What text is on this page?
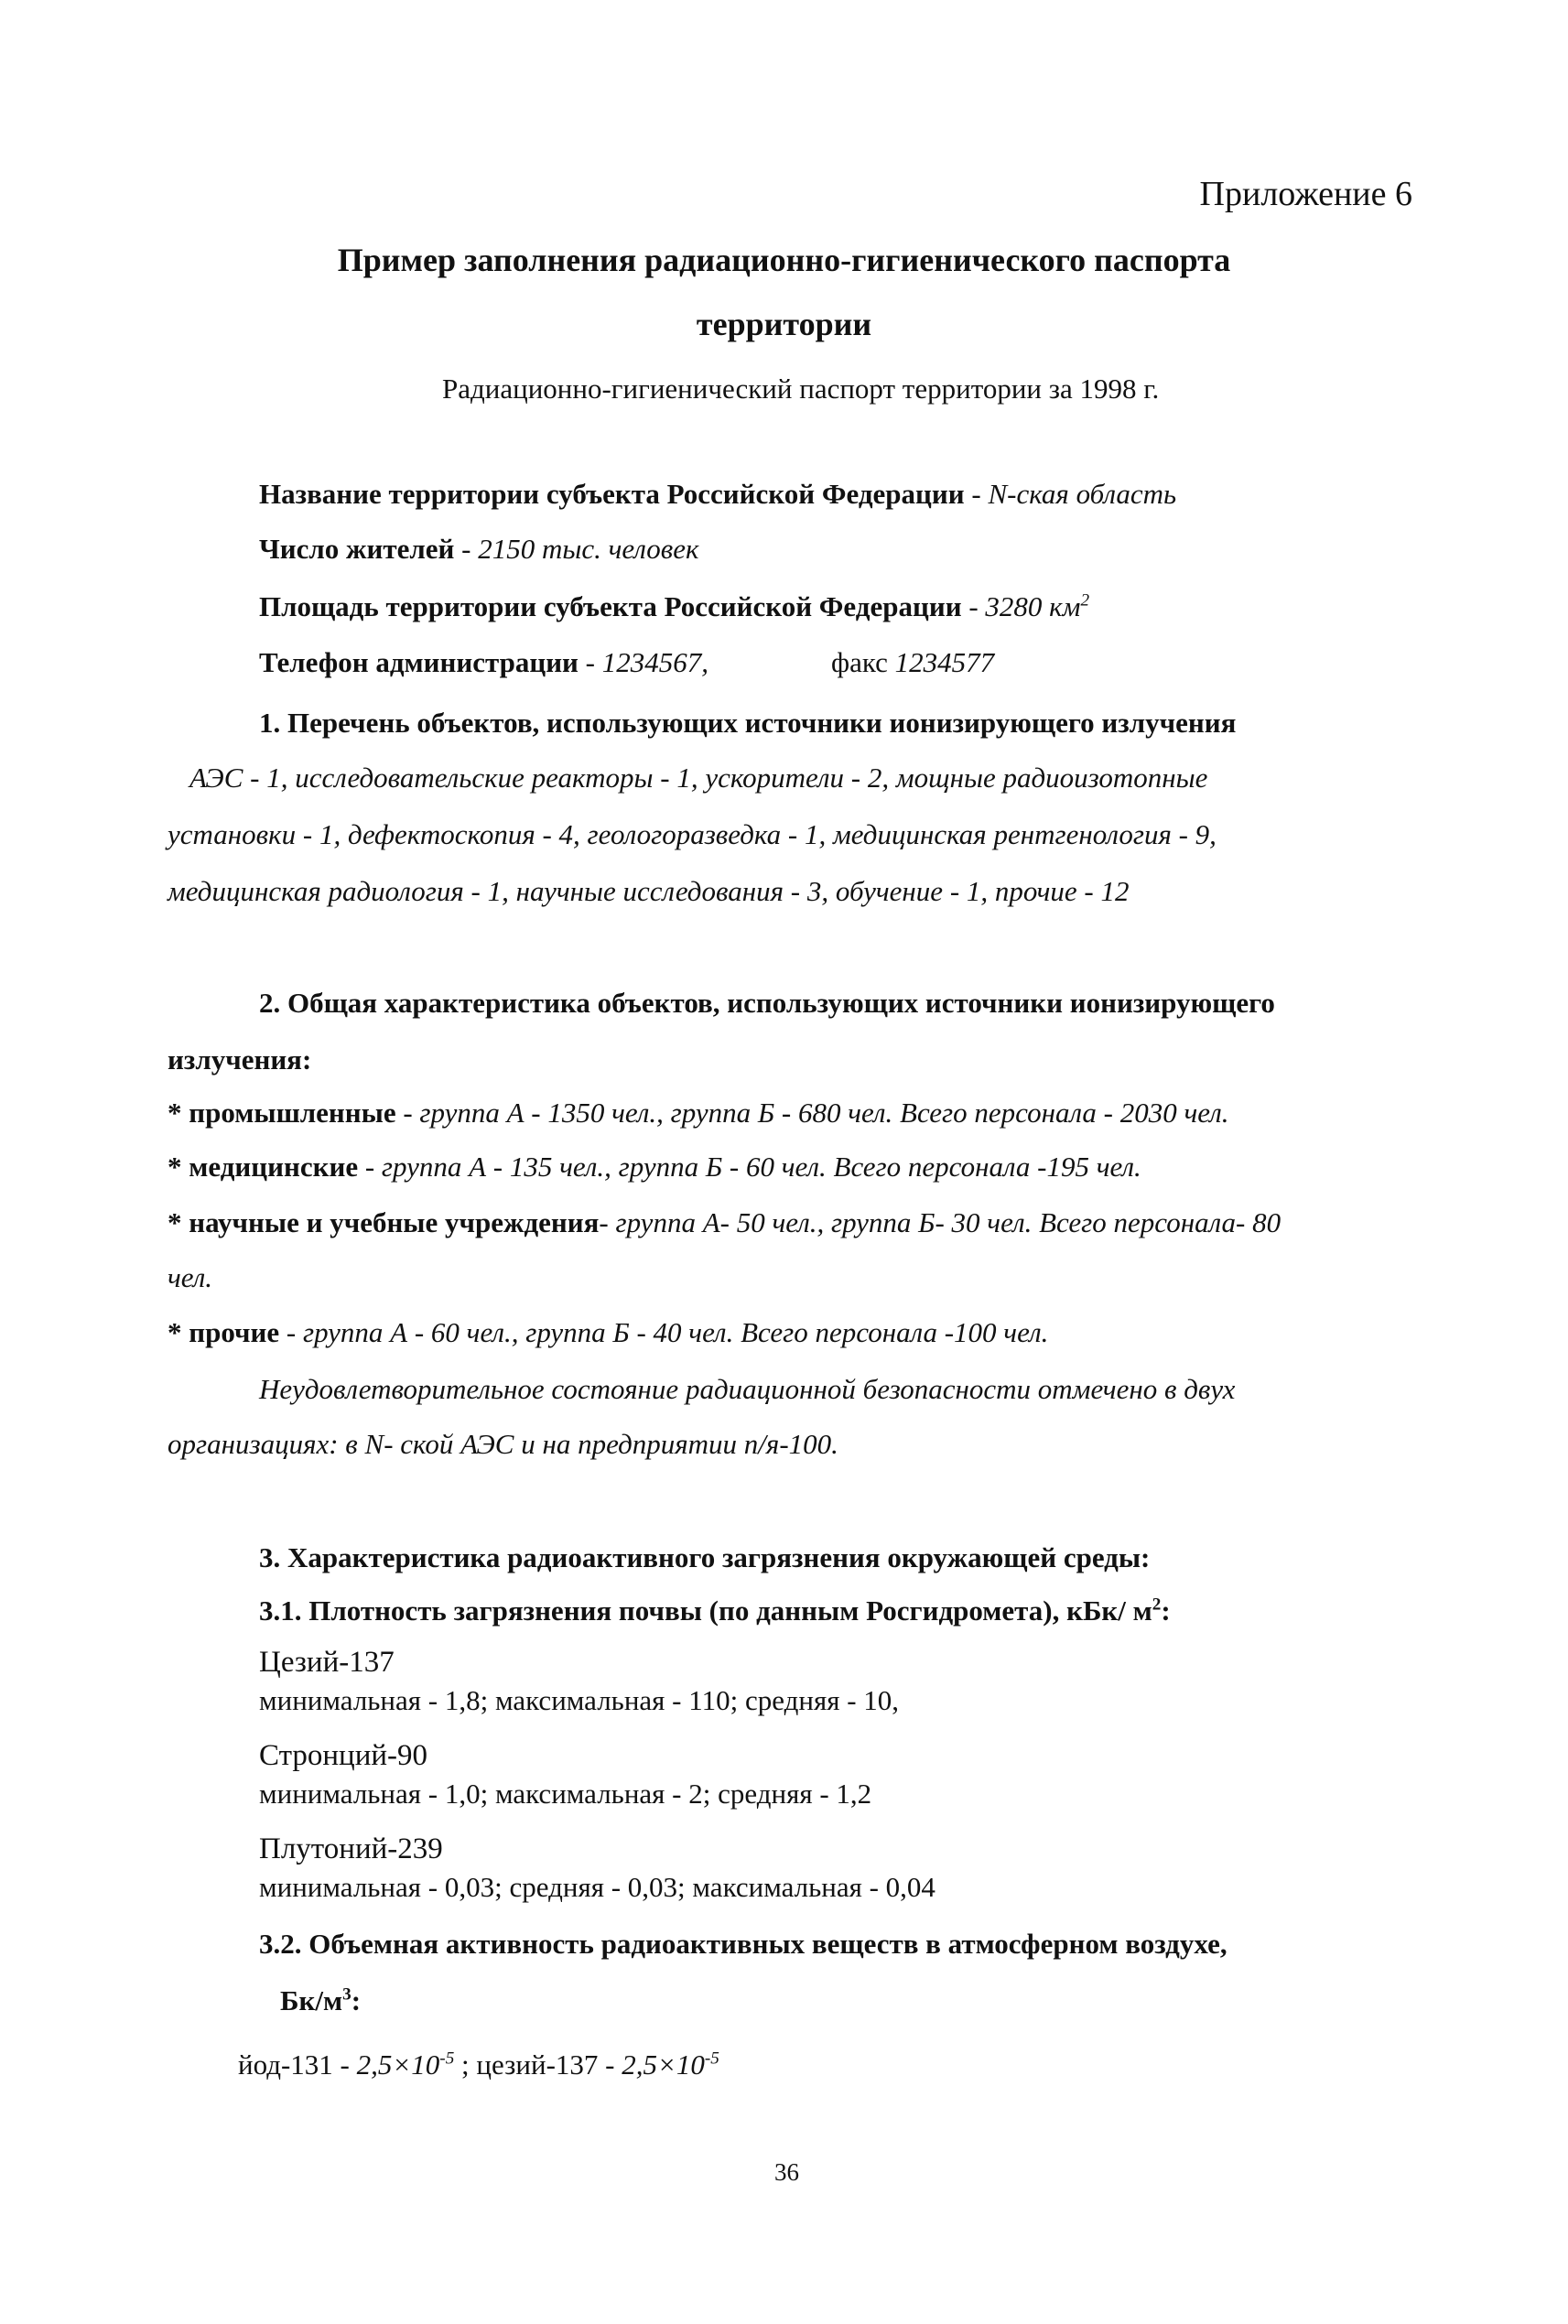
Приложение 6
Пример заполнения радиационно-гигиенического паспорта
территории
Радиационно-гигиенический паспорт территории за 1998 г.
Название территории субъекта Российской Федерации - N-ская область
Число жителей - 2150 тыс. человек
Площадь территории субъекта Российской Федерации - 3280 $км^2$
Телефон администрации - 1234567,	факс 1234577
1. Перечень объектов, использующих источники ионизирующего излучения
АЭС - 1, исследовательские реакторы - 1, ускорители - 2, мощные радиоизотопные
установки - 1, дефектоскопия - 4, геологоразведка - 1, медицинская рентгенология - 9,
медицинская радиология - 1, научные исследования - 3, обучение - 1, прочие - 12
2. Общая характеристика объектов, использующих источники ионизирующего
излучения:
* промышленные - группа А - 1350 чел., группа Б - 680 чел. Всего персонала - 2030 чел.
* медицинские - группа А - 135 чел., группа Б - 60 чел. Всего персонала -195 чел.
* научные и учебные учреждения- группа А- 50 чел., группа Б- 30 чел. Всего персонала- 80
чел.
* прочие - группа А - 60 чел., группа Б - 40 чел. Всего персонала -100 чел.
Неудовлетворительное состояние радиационной безопасности отмечено в двух
организациях: в N- ской АЭС и на предприятии п/я-100.
3. Характеристика радиоактивного загрязнения окружающей среды:
3.1. Плотность загрязнения почвы (по данным Росгидромета), кБк/ $м^2$:
Цезий-137
минимальная - 1,8; максимальная - 110; средняя - 10,
Стронций-90
минимальная - 1,0; максимальная - 2; средняя - 1,2
Плутоний-239
минимальная - 0,03; средняя - 0,03; максимальная - 0,04
3.2. Объемная активность радиоактивных веществ в атмосферном воздухе,
$Бк/м^3$:
$йод-131 - 2,5\times 10^{-5}$ ; цезий-137 - $2,5\times 10^{-5}$
36
